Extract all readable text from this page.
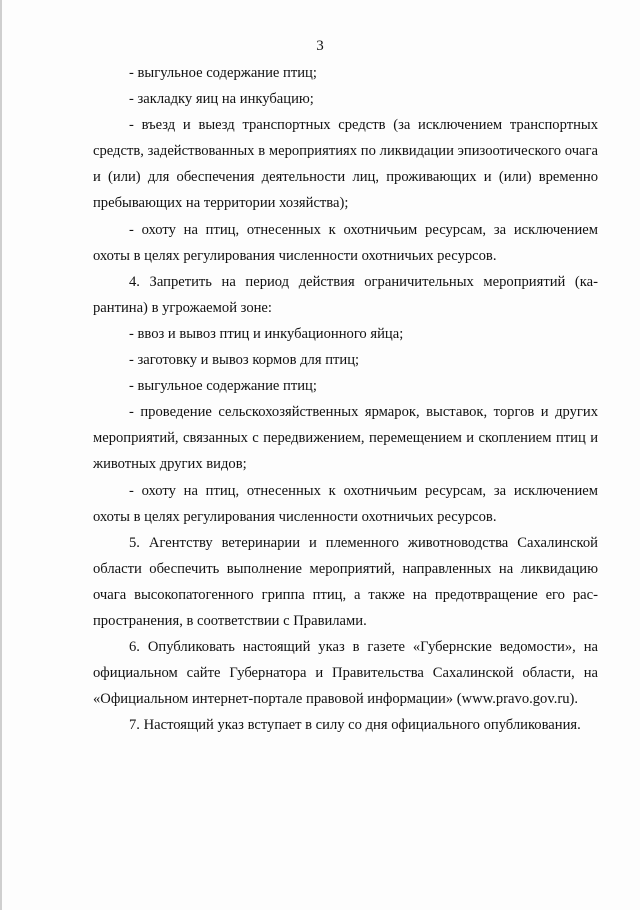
3

- выгульное содержание птиц;

- закладку яиц на инкубацию;

- въезд и выезд транспортных средств (за исключением транспортных средств, задействованных в мероприятиях по ликвидации эпизоотического очага и (или) для обеспечения деятельности лиц, проживающих и (или) временно пребывающих на территории хозяйства);

- охоту на птиц, отнесенных к охотничьим ресурсам, за исключением охоты в целях регулирования численности охотничьих ресурсов.

4. Запретить на период действия ограничительных мероприятий (карантина) в угрожаемой зоне:

- ввоз и вывоз птиц и инкубационного яйца;

- заготовку и вывоз кормов для птиц;

- выгульное содержание птиц;

- проведение сельскохозяйственных ярмарок, выставок, торгов и других мероприятий, связанных с передвижением, перемещением и скоплением птиц и животных других видов;

- охоту на птиц, отнесенных к охотничьим ресурсам, за исключением охоты в целях регулирования численности охотничьих ресурсов.

5. Агентству ветеринарии и племенного животноводства Сахалинской области обеспечить выполнение мероприятий, направленных на ликвидацию очага высокопатогенного гриппа птиц, а также на предотвращение его распространения, в соответствии с Правилами.

6. Опубликовать настоящий указ в газете «Губернские ведомости», на официальном сайте Губернатора и Правительства Сахалинской области, на «Официальном интернет-портале правовой информации» (www.pravo.gov.ru).

7. Настоящий указ вступает в силу со дня официального опубликования.
